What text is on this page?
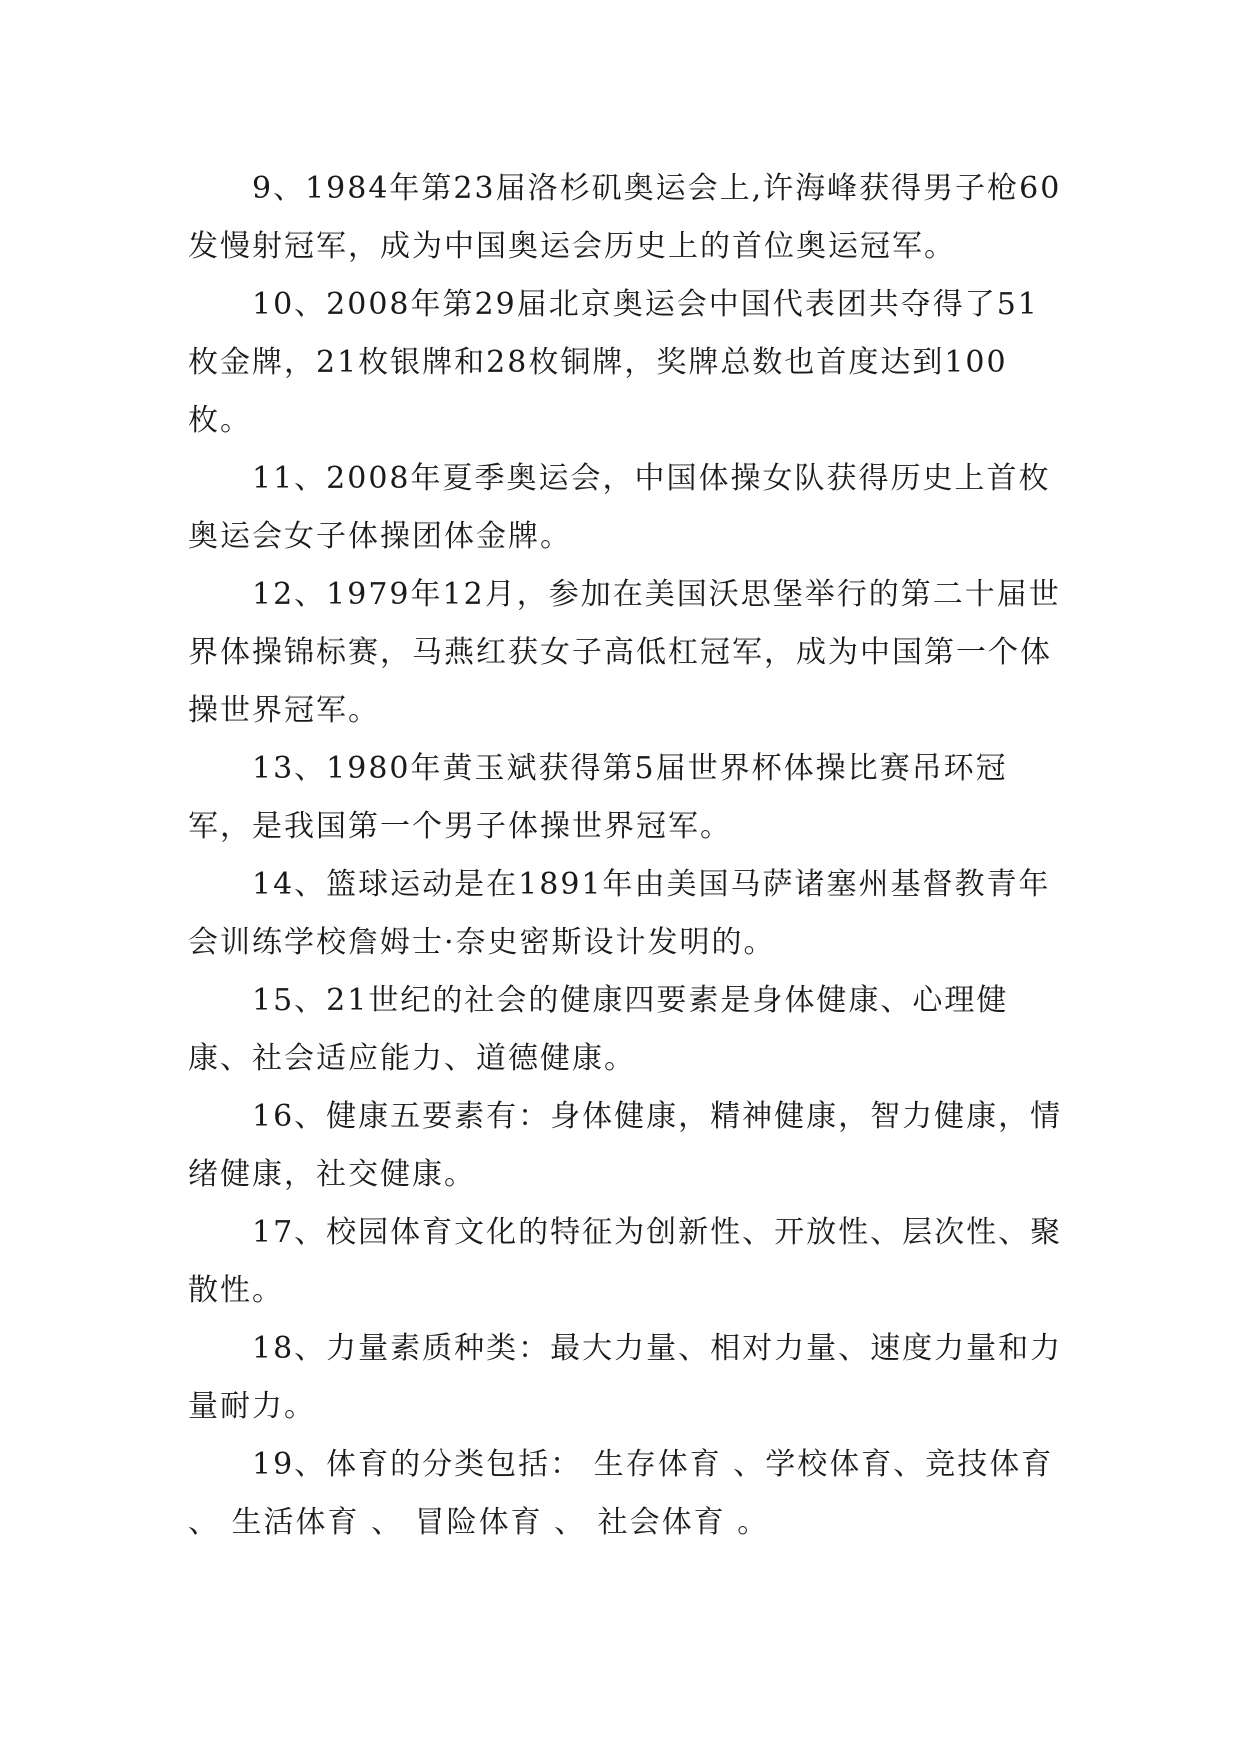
9、1984年第23届洛杉矶奥运会上,许海峰获得男子枪60发慢射冠军，成为中国奥运会历史上的首位奥运冠军。

10、2008年第29届北京奥运会中国代表团共夺得了51枚金牌，21枚银牌和28枚铜牌，奖牌总数也首度达到100枚。

11、2008年夏季奥运会，中国体操女队获得历史上首枚奥运会女子体操团体金牌。

12、1979年12月，参加在美国沃思堡举行的第二十届世界体操锦标赛，马燕红获女子高低杠冠军，成为中国第一个体操世界冠军。

13、1980年黄玉斌获得第5届世界杯体操比赛吊环冠军，是我国第一个男子体操世界冠军。

14、篮球运动是在1891年由美国马萨诸塞州基督教青年会训练学校詹姆士·奈史密斯设计发明的。

15、21世纪的社会的健康四要素是身体健康、心理健康、社会适应能力、道德健康。

16、健康五要素有：身体健康，精神健康，智力健康，情绪健康，社交健康。

17、校园体育文化的特征为创新性、开放性、层次性、聚散性。

18、力量素质种类：最大力量、相对力量、速度力量和力量耐力。

19、体育的分类包括： 生存体育 、学校体育、竞技体育 、 生活体育 、 冒险体育 、 社会体育 。
